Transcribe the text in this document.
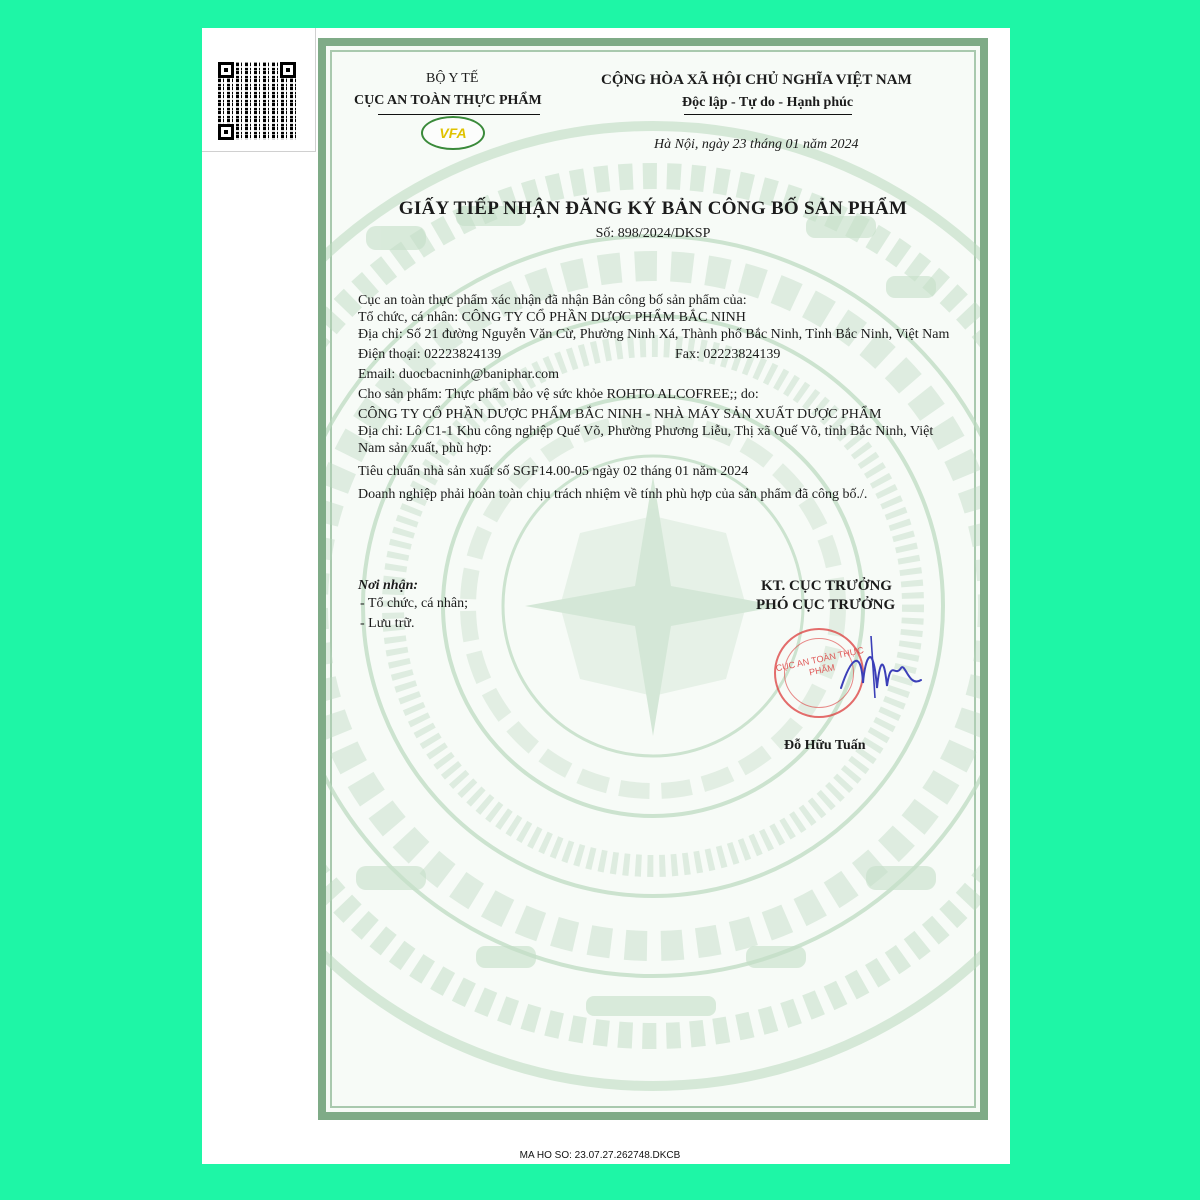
BỘ Y TẾ
CỤC AN TOÀN THỰC PHẨM
VFA
CỘNG HÒA XÃ HỘI CHỦ NGHĨA VIỆT NAM
Độc lập - Tự do - Hạnh phúc
Hà Nội, ngày 23 tháng 01 năm 2024
GIẤY TIẾP NHẬN ĐĂNG KÝ BẢN CÔNG BỐ SẢN PHẨM
Số: 898/2024/DKSP

Cục an toàn thực phẩm xác nhận đã nhận Bản công bố sản phẩm của:

Tổ chức, cá nhân: CÔNG TY CỔ PHẦN DƯỢC PHẨM BẮC NINH

Địa chỉ: Số 21 đường Nguyễn Văn Cừ, Phường Ninh Xá, Thành phố Bắc Ninh, Tỉnh Bắc Ninh, Việt Nam

Điện thoại: 02223824139	Fax: 02223824139

Email: duocbacninh@baniphar.com

Cho sản phẩm: Thực phẩm bảo vệ sức khỏe ROHTO ALCOFREE;; do:

CÔNG TY CỔ PHẦN DƯỢC PHẨM BẮC NINH - NHÀ MÁY SẢN XUẤT DƯỢC PHẨM

Địa chỉ: Lô C1-1 Khu công nghiệp Quế Võ, Phường Phương Liễu, Thị xã Quế Võ, tỉnh Bắc Ninh, Việt Nam sản xuất, phù hợp:

Tiêu chuẩn nhà sản xuất số SGF14.00-05 ngày 02 tháng 01 năm 2024

Doanh nghiệp phải hoàn toàn chịu trách nhiệm về tính phù hợp của sản phẩm đã công bố./.

Nơi nhận:
- Tổ chức, cá nhân;
- Lưu trữ.
KT. CỤC TRƯỞNG
PHÓ CỤC TRƯỞNG
CỤC AN TOÀN THỰC PHẨM
Đỗ Hữu Tuấn
MA HO SO: 23.07.27.262748.DKCB
